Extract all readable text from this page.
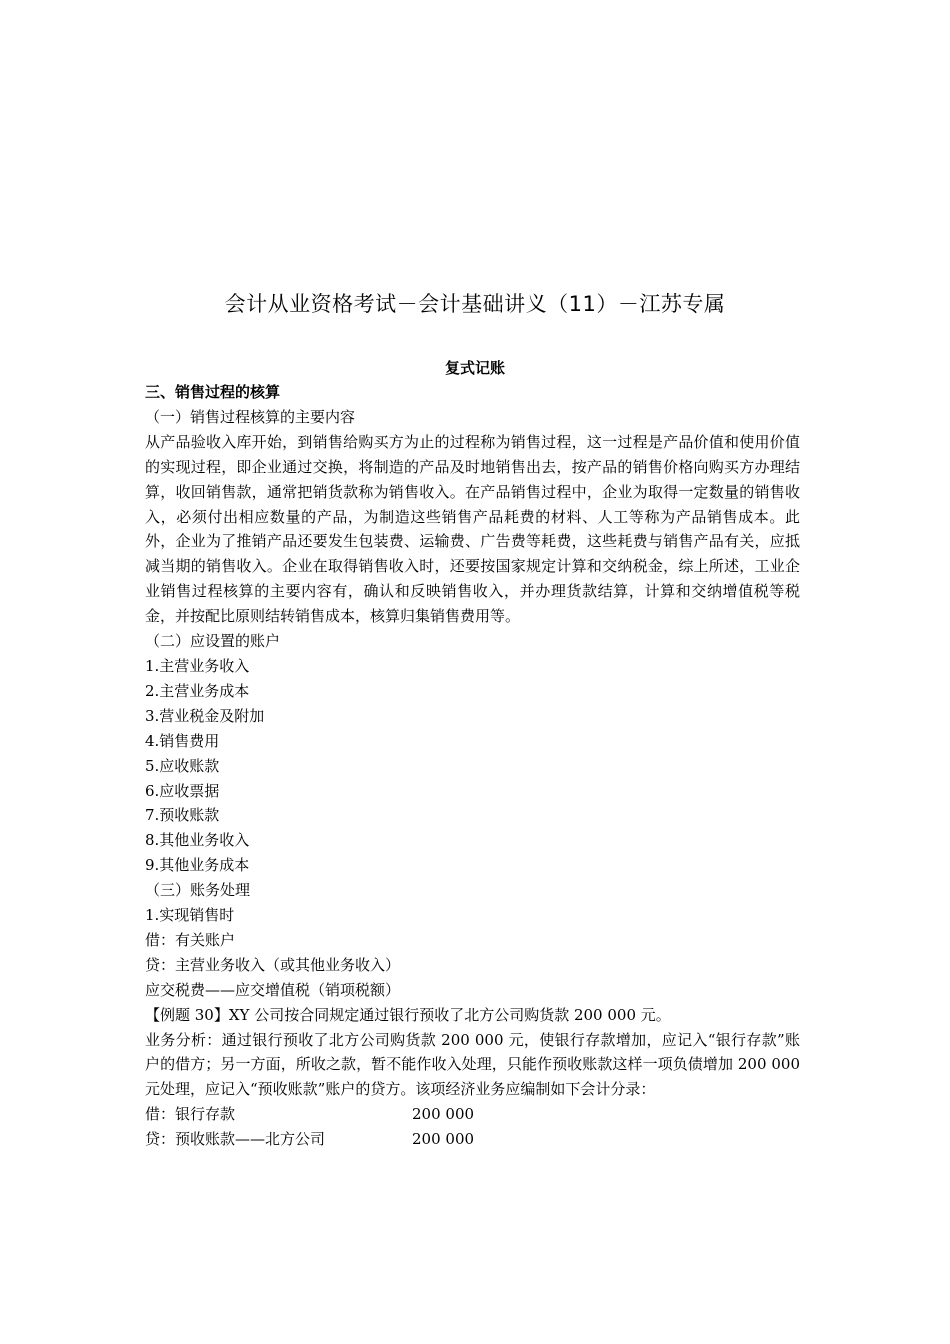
会计从业资格考试－会计基础讲义（11）－江苏专属
复式记账
三、销售过程的核算
（一）销售过程核算的主要内容
从产品验收入库开始，到销售给购买方为止的过程称为销售过程，这一过程是产品价值和使用价值的实现过程，即企业通过交换，将制造的产品及时地销售出去，按产品的销售价格向购买方办理结算，收回销售款，通常把销货款称为销售收入。在产品销售过程中，企业为取得一定数量的销售收入，必须付出相应数量的产品，为制造这些销售产品耗费的材料、人工等称为产品销售成本。此外，企业为了推销产品还要发生包装费、运输费、广告费等耗费，这些耗费与销售产品有关，应抵减当期的销售收入。企业在取得销售收入时，还要按国家规定计算和交纳税金，综上所述，工业企业销售过程核算的主要内容有，确认和反映销售收入，并办理货款结算，计算和交纳增值税等税金，并按配比原则结转销售成本，核算归集销售费用等。
（二）应设置的账户
1.主营业务收入
2.主营业务成本
3.营业税金及附加
4.销售费用
5.应收账款
6.应收票据
7.预收账款
8.其他业务收入
9.其他业务成本
（三）账务处理
1.实现销售时
借：有关账户
贷：主营业务收入（或其他业务收入）
应交税费——应交增值税（销项税额）
【例题 30】XY 公司按合同规定通过银行预收了北方公司购货款 200 000 元。
业务分析：通过银行预收了北方公司购货款 200 000 元，使银行存款增加，应记入“银行存款”账户的借方；另一方面，所收之款，暂不能作收入处理，只能作预收账款这样一项负债增加 200 000 元处理，应记入“预收账款”账户的贷方。该项经济业务应编制如下会计分录：
借：银行存款	200 000
贷：预收账款——北方公司	200 000
